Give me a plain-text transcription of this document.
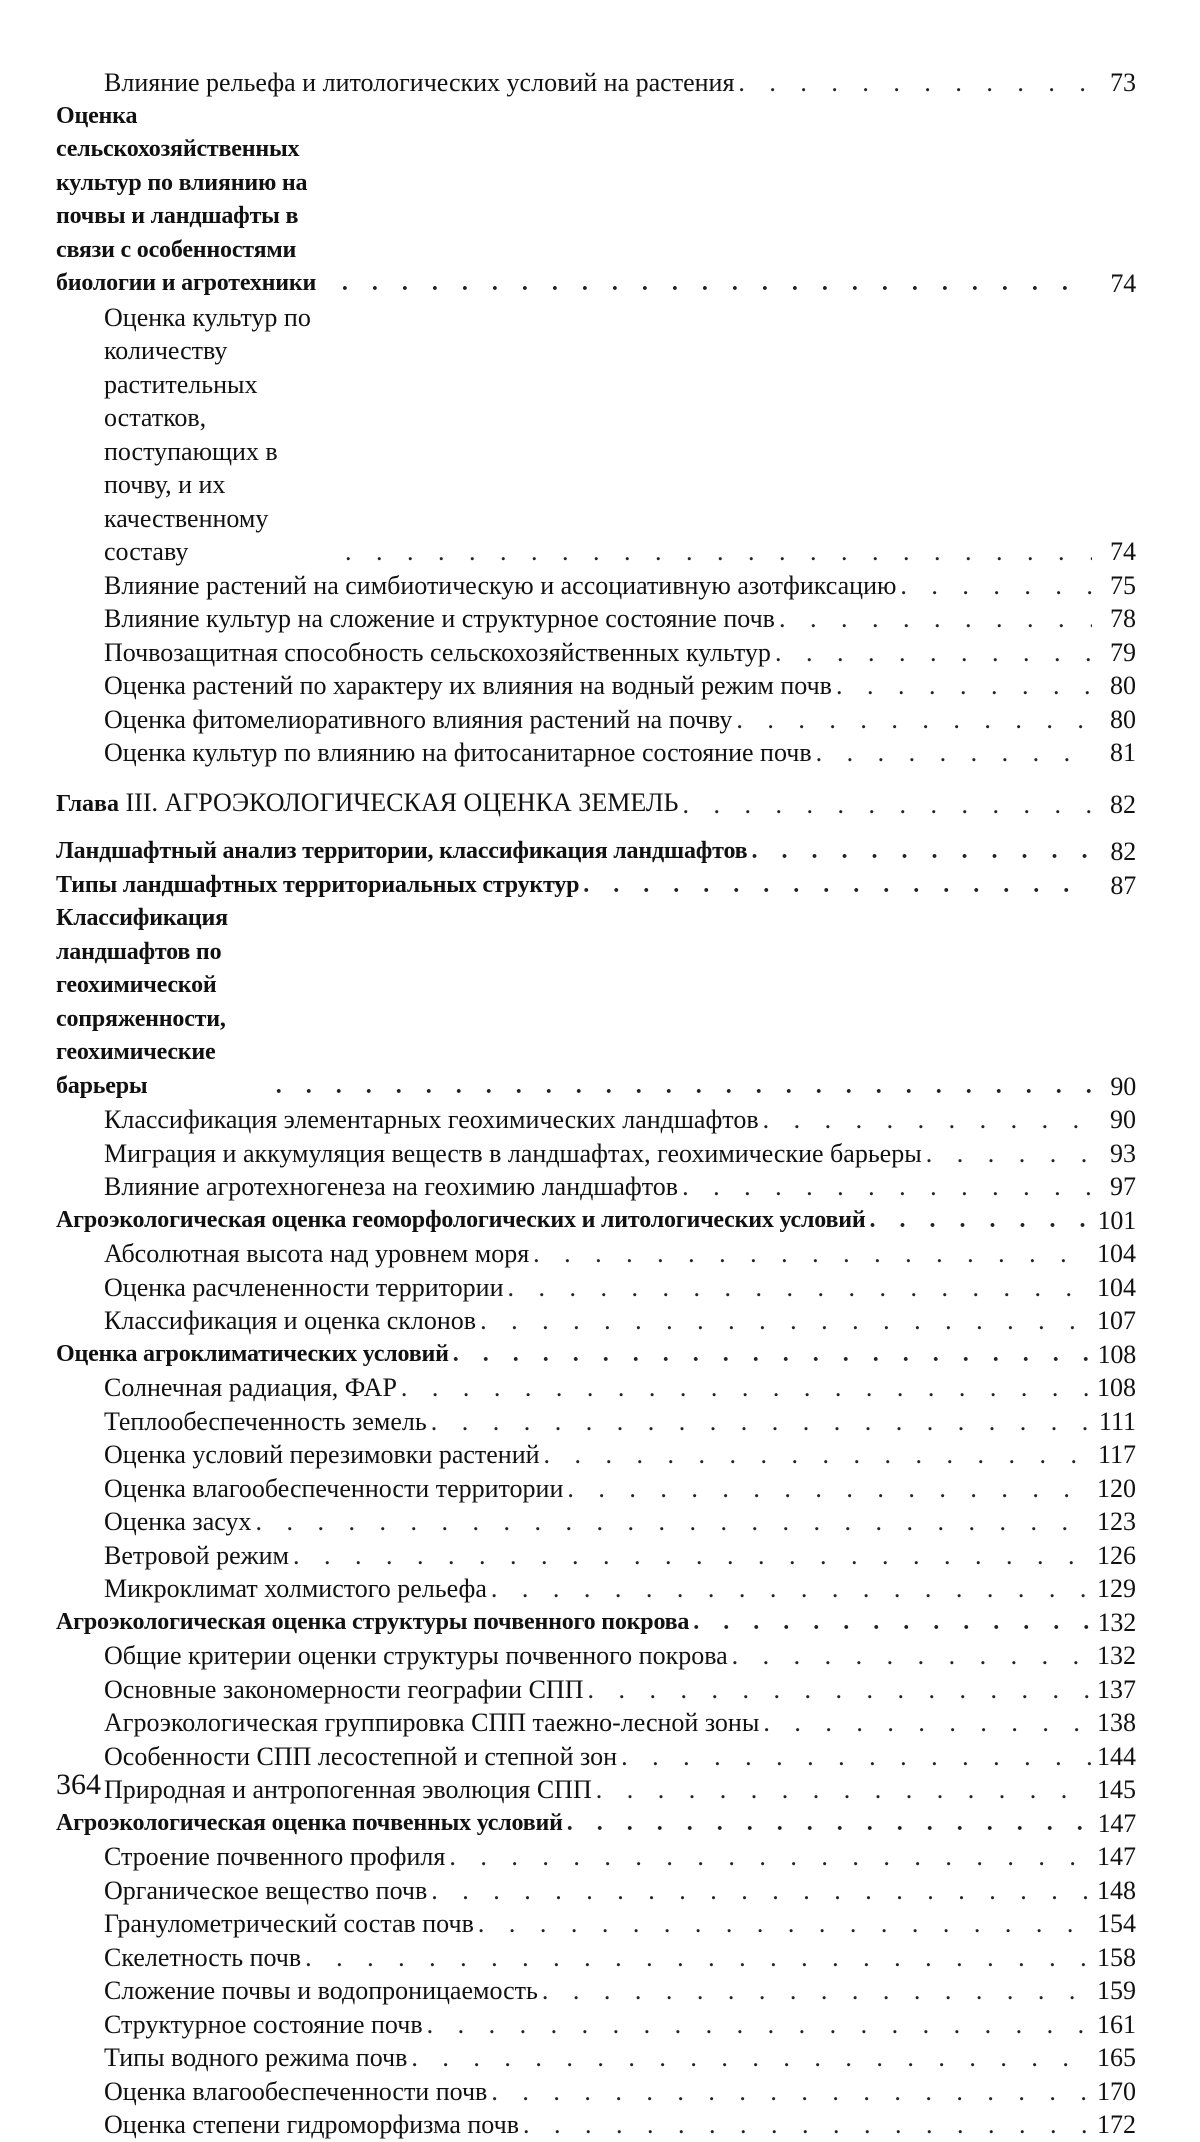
Влияние рельефа и литологических условий на растения
. . .	73
Оценка сельскохозяйственных культур по влиянию на почвы и ландшафты в связи с особенностями биологии и агротехники
. . .	74
Оценка культур по количеству растительных остатков, поступающих в почву, и их качественному составу
. . .	74
Влияние растений на симбиотическую и ассоциативную азотфиксацию
. . .	75
Влияние культур на сложение и структурное состояние почв
. . .	78
Почвозащитная способность сельскохозяйственных культур
. . .	79
Оценка растений по характеру их влияния на водный режим почв
. . .	80
Оценка фитомелиоративного влияния растений на почву
. . .	80
Оценка культур по влиянию на фитосанитарное состояние почв
. . .	81
Глава III. АГРОЭКОЛОГИЧЕСКАЯ ОЦЕНКА ЗЕМЕЛЬ
. . .	82
Ландшафтный анализ территории, классификация ландшафтов
. . .	82
Типы ландшафтных территориальных структур
. . .	87
Классификация ландшафтов по геохимической сопряженности, геохимические барьеры
. . .	90
Классификация элементарных геохимических ландшафтов
. . .	90
Миграция и аккумуляция веществ в ландшафтах, геохимические барьеры
. . .	93
Влияние агротехногенеза на геохимию ландшафтов
. . .	97
Агроэкологическая оценка геоморфологических и литологических условий
. . .	101
Абсолютная высота над уровнем моря
. . .	104
Оценка расчлененности территории
. . .	104
Классификация и оценка склонов
. . .	107
Оценка агроклиматических условий
. . .	108
Солнечная радиация, ФАР
. . .	108
Теплообеспеченность земель
. . .	111
Оценка условий перезимовки растений
. . .	117
Оценка влагообеспеченности территории
. . .	120
Оценка засух
. . .	123
Ветровой режим
. . .	126
Микроклимат холмистого рельефа
. . .	129
Агроэкологическая оценка структуры почвенного покрова
. . .	132
Общие критерии оценки структуры почвенного покрова
. . .	132
Основные закономерности географии СПП
. . .	137
Агроэкологическая группировка СПП таежно-лесной зоны
. . .	138
Особенности СПП лесостепной и степной зон
. . .	144
Природная и антропогенная эволюция СПП
. . .	145
Агроэкологическая оценка почвенных условий
. . .	147
Строение почвенного профиля
. . .	147
Органическое вещество почв
. . .	148
Гранулометрический состав почв
. . .	154
Скелетность почв
. . .	158
Сложение почвы и водопроницаемость
. . .	159
Структурное состояние почв
. . .	161
Типы водного режима почв
. . .	165
Оценка влагообеспеченности почв
. . .	170
Оценка степени гидроморфизма почв
. . .	172
364
